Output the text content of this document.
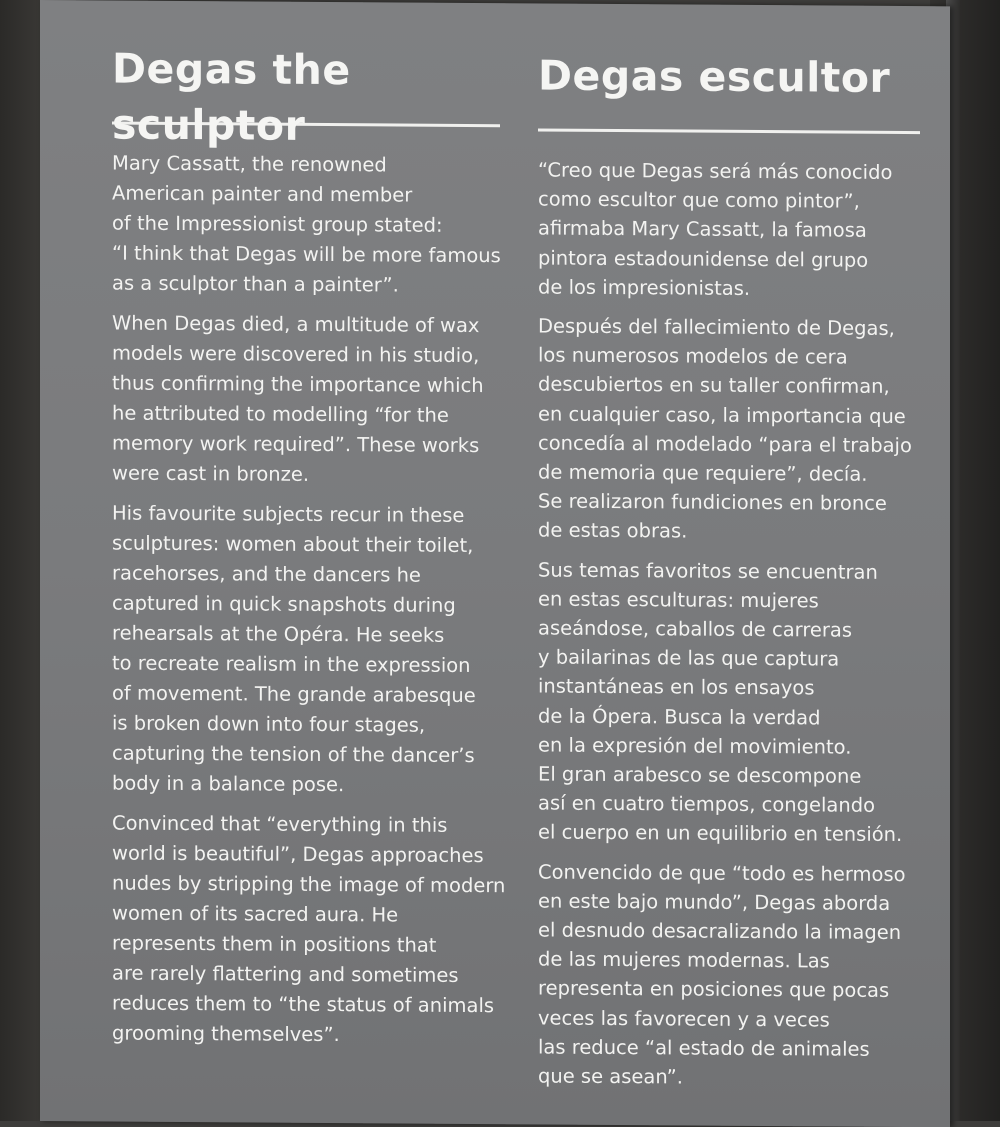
Degas the sculptor

Mary Cassatt, the renowned
American painter and member
of the Impressionist group stated:
“I think that Degas will be more famous
as a sculptor than a painter”.

When Degas died, a multitude of wax
models were discovered in his studio,
thus confirming the importance which
he attributed to modelling “for the
memory work required”. These works
were cast in bronze.

His favourite subjects recur in these
sculptures: women about their toilet,
racehorses, and the dancers he
captured in quick snapshots during
rehearsals at the Opéra. He seeks
to recreate realism in the expression
of movement. The grande arabesque
is broken down into four stages,
capturing the tension of the dancer’s
body in a balance pose.

Convinced that “everything in this
world is beautiful”, Degas approaches
nudes by stripping the image of modern
women of its sacred aura. He
represents them in positions that
are rarely flattering and sometimes
reduces them to “the status of animals
grooming themselves”.

Degas escultor

“Creo que Degas será más conocido
como escultor que como pintor”,
afirmaba Mary Cassatt, la famosa
pintora estadounidense del grupo
de los impresionistas.

Después del fallecimiento de Degas,
los numerosos modelos de cera
descubiertos en su taller confirman,
en cualquier caso, la importancia que
concedía al modelado “para el trabajo
de memoria que requiere”, decía.
Se realizaron fundiciones en bronce
de estas obras.

Sus temas favoritos se encuentran
en estas esculturas: mujeres
aseándose, caballos de carreras
y bailarinas de las que captura
instantáneas en los ensayos
de la Ópera. Busca la verdad
en la expresión del movimiento.
El gran arabesco se descompone
así en cuatro tiempos, congelando
el cuerpo en un equilibrio en tensión.

Convencido de que “todo es hermoso
en este bajo mundo”, Degas aborda
el desnudo desacralizando la imagen
de las mujeres modernas. Las
representa en posiciones que pocas
veces las favorecen y a veces
las reduce “al estado de animales
que se asean”.
